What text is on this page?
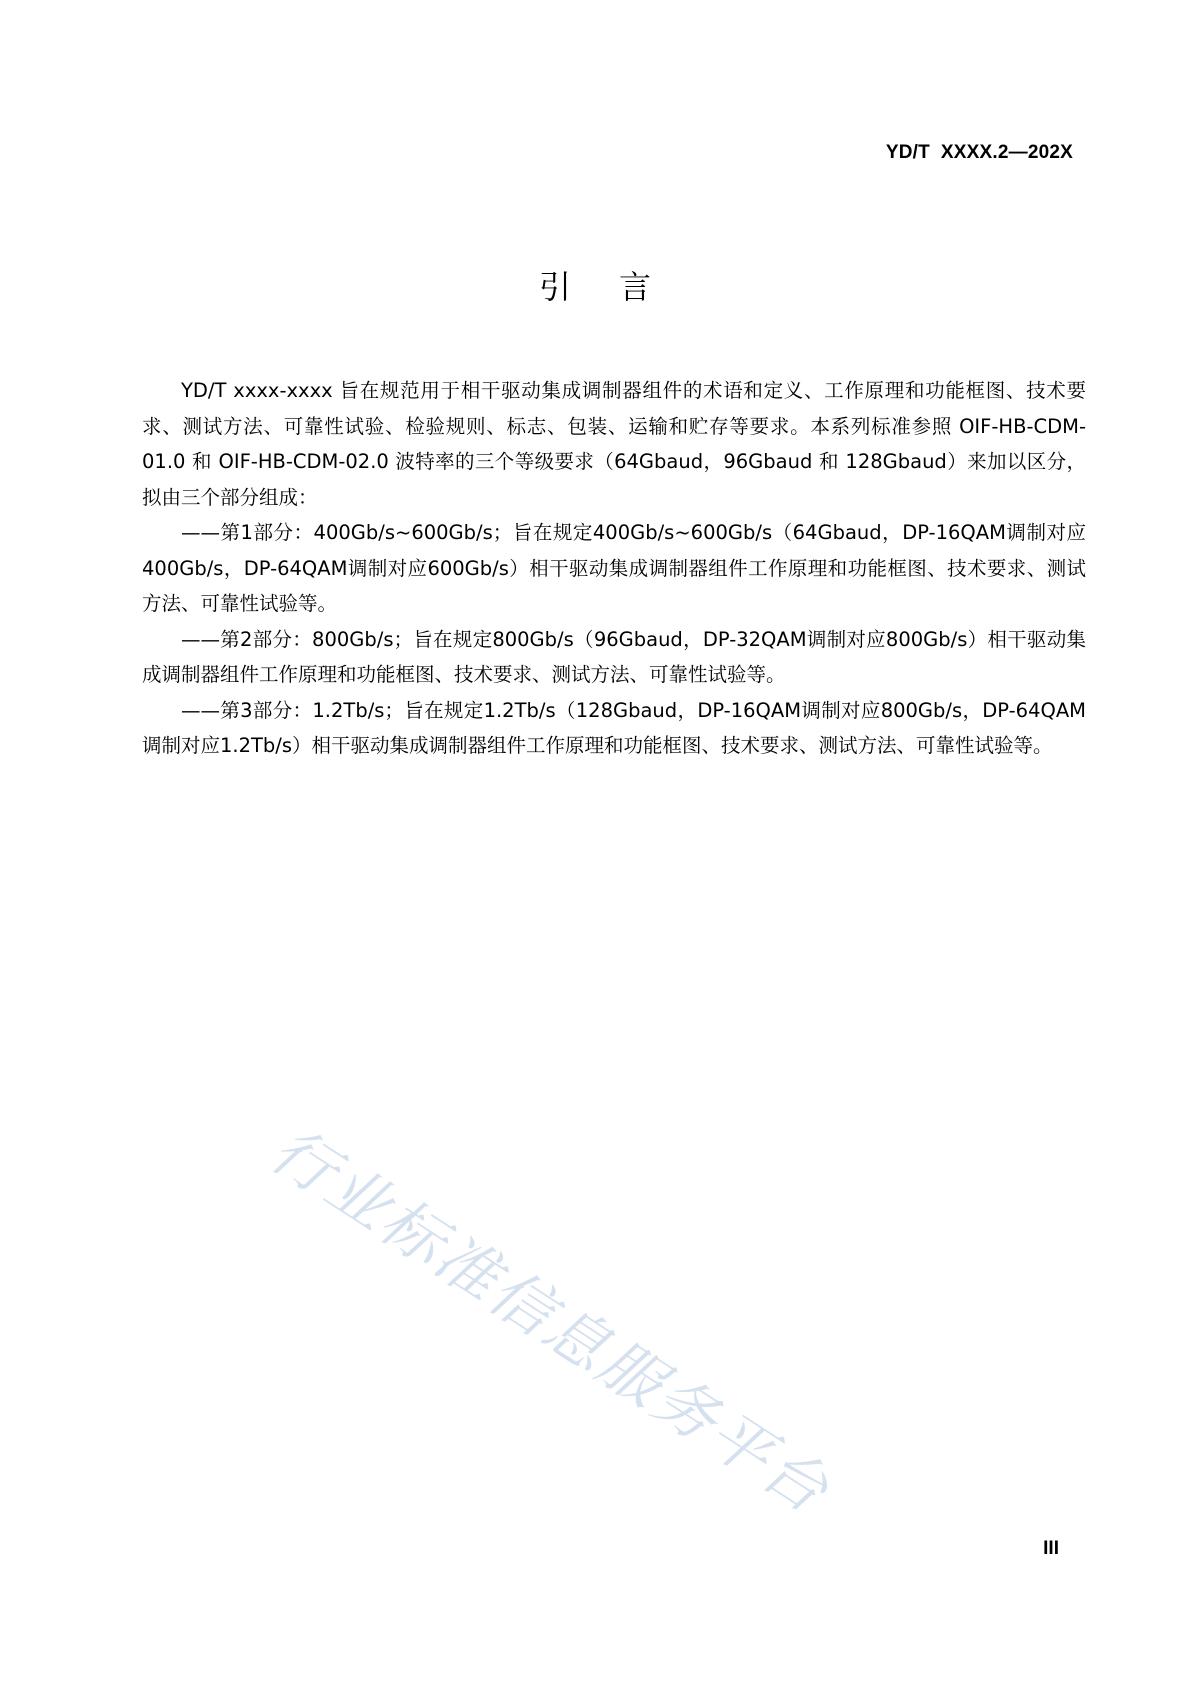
YD/T  XXXX.2—202X
引言

YD/T xxxx-xxxx 旨在规范用于相干驱动集成调制器组件的术语和定义、工作原理和功能框图、技术要求、测试方法、可靠性试验、检验规则、标志、包装、运输和贮存等要求。本系列标准参照 OIF-HB-CDM-01.0 和 OIF-HB-CDM-02.0 波特率的三个等级要求（64Gbaud，96Gbaud 和 128Gbaud）来加以区分，拟由三个部分组成：

——第1部分：400Gb/s~600Gb/s；旨在规定400Gb/s~600Gb/s（64Gbaud，DP-16QAM调制对应400Gb/s，DP-64QAM调制对应600Gb/s）相干驱动集成调制器组件工作原理和功能框图、技术要求、测试方法、可靠性试验等。

——第2部分：800Gb/s；旨在规定800Gb/s（96Gbaud，DP-32QAM调制对应800Gb/s）相干驱动集成调制器组件工作原理和功能框图、技术要求、测试方法、可靠性试验等。

——第3部分：1.2Tb/s；旨在规定1.2Tb/s（128Gbaud，DP-16QAM调制对应800Gb/s，DP-64QAM调制对应1.2Tb/s）相干驱动集成调制器组件工作原理和功能框图、技术要求、测试方法、可靠性试验等。

行业标准信息服务平台
III
